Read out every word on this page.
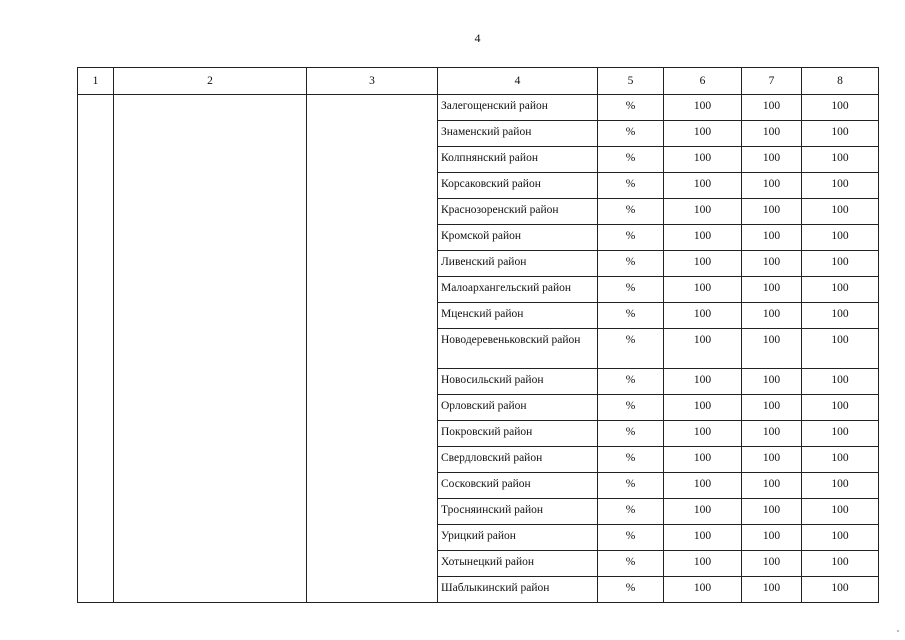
4
1	2	3	4	5	6	7	8
			Залегощенский район	%	100	100	100
			Знаменский район	%	100	100	100
			Колпнянский район	%	100	100	100
			Корсаковский район	%	100	100	100
			Краснозоренский район	%	100	100	100
			Кромской район	%	100	100	100
			Ливенский район	%	100	100	100
			Малоархангельский район	%	100	100	100
			Мценский район	%	100	100	100
			Новодеревеньковский район	%	100	100	100
			Новосильский район	%	100	100	100
			Орловский район	%	100	100	100
			Покровский район	%	100	100	100
			Свердловский район	%	100	100	100
			Сосковский район	%	100	100	100
			Тросняинский район	%	100	100	100
			Урицкий район	%	100	100	100
			Хотынецкий район	%	100	100	100
			Шаблыкинский район	%	100	100	100
